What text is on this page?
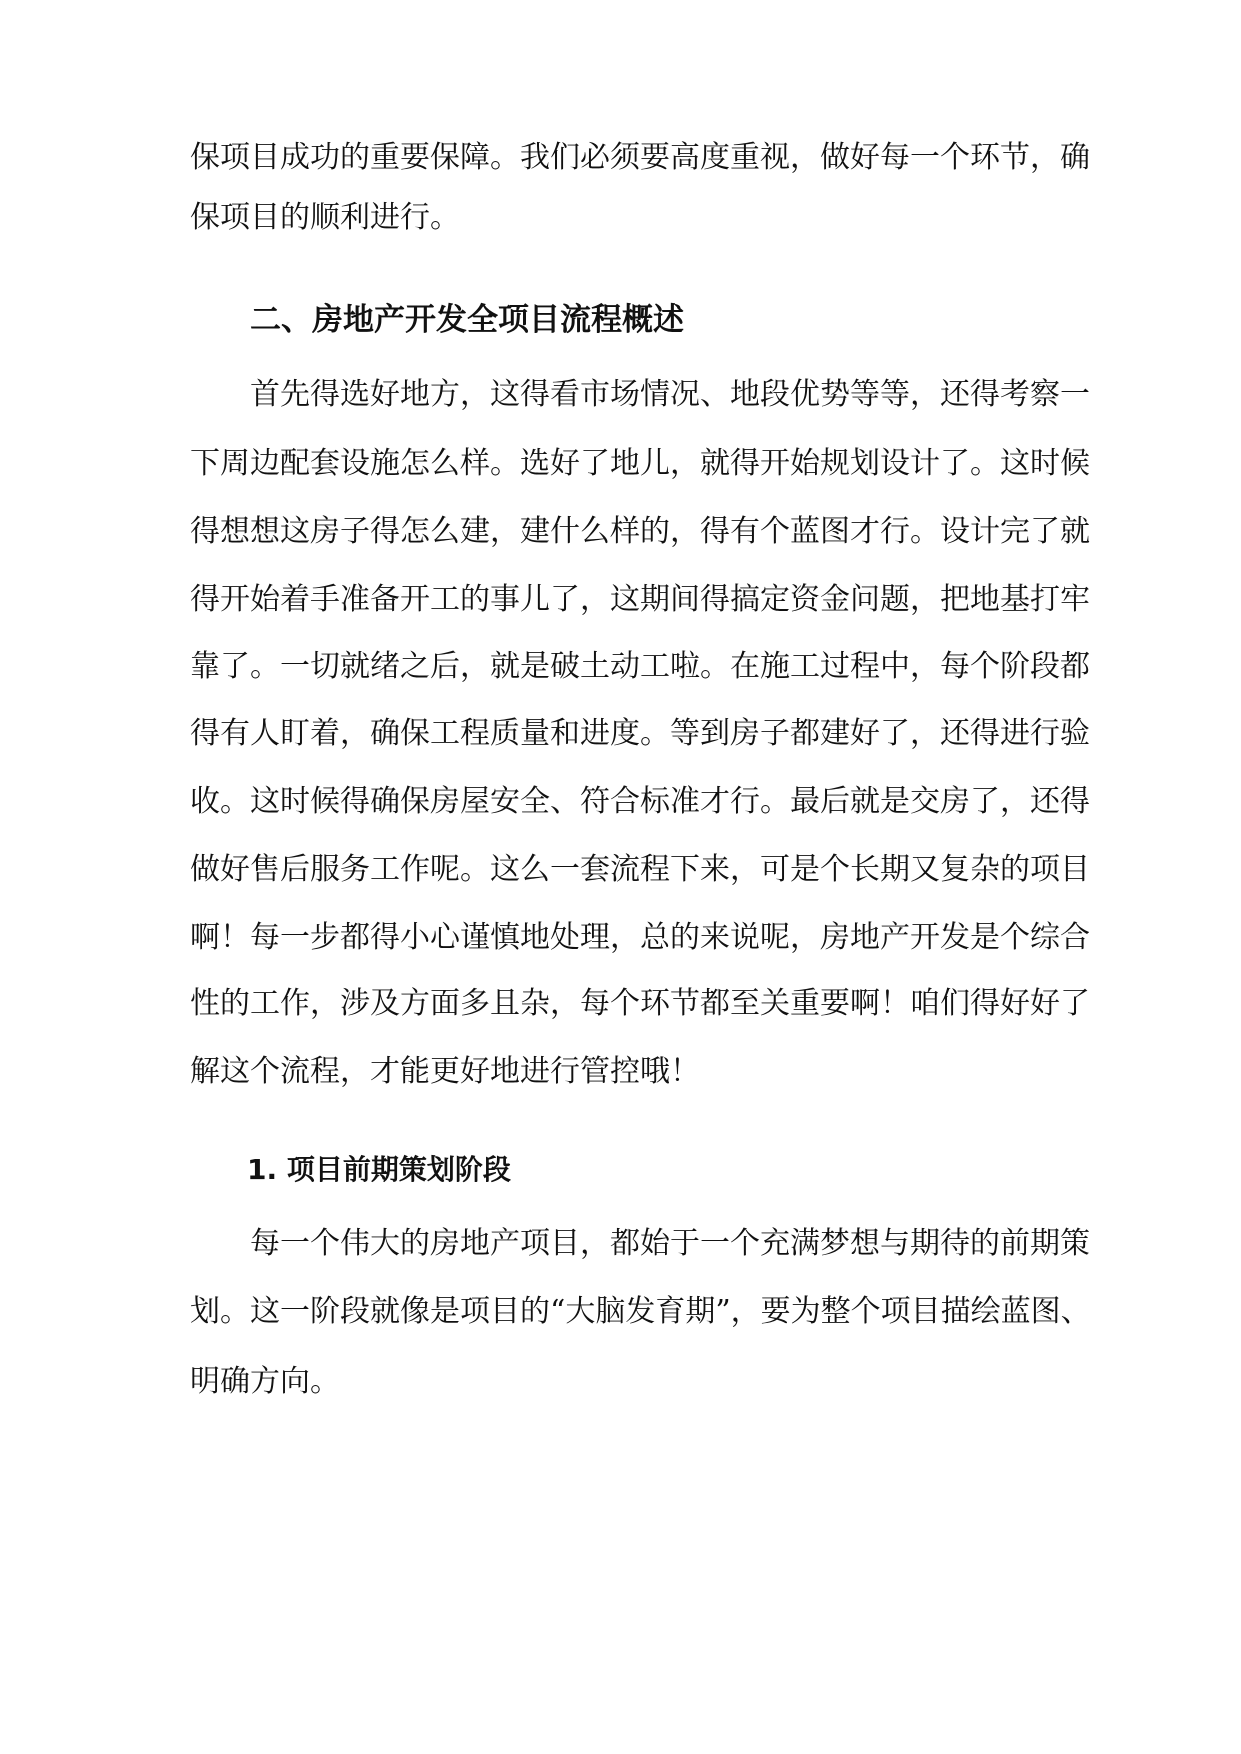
保项目成功的重要保障。我们必须要高度重视，做好每一个环节，确
保项目的顺利进行。
二、房地产开发全项目流程概述
首先得选好地方，这得看市场情况、地段优势等等，还得考察一
下周边配套设施怎么样。选好了地儿，就得开始规划设计了。这时候
得想想这房子得怎么建，建什么样的，得有个蓝图才行。设计完了就
得开始着手准备开工的事儿了，这期间得搞定资金问题，把地基打牢
靠了。一切就绪之后，就是破土动工啦。在施工过程中，每个阶段都
得有人盯着，确保工程质量和进度。等到房子都建好了，还得进行验
收。这时候得确保房屋安全、符合标准才行。最后就是交房了，还得
做好售后服务工作呢。这么一套流程下来，可是个长期又复杂的项目
啊！每一步都得小心谨慎地处理，总的来说呢，房地产开发是个综合
性的工作，涉及方面多且杂，每个环节都至关重要啊！咱们得好好了
解这个流程，才能更好地进行管控哦！
1. 项目前期策划阶段
每一个伟大的房地产项目，都始于一个充满梦想与期待的前期策
划。这一阶段就像是项目的“大脑发育期”，要为整个项目描绘蓝图、
明确方向。
